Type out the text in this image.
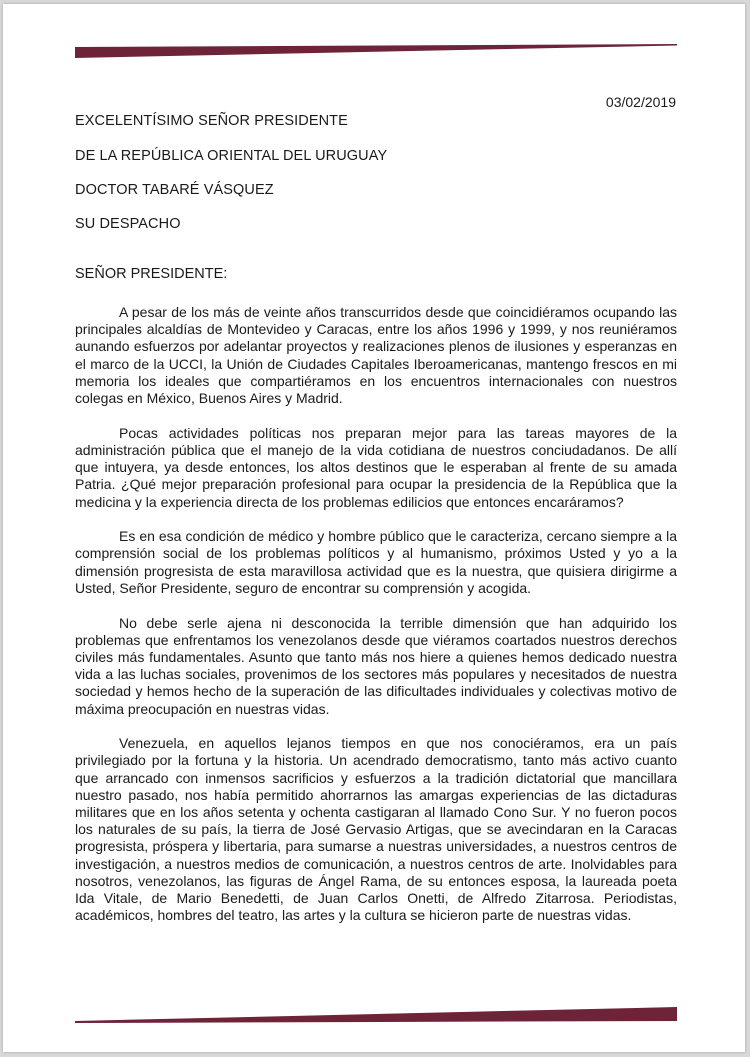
03/02/2019
EXCELENTÍSIMO SEÑOR PRESIDENTE
DE LA REPÚBLICA ORIENTAL DEL URUGUAY
DOCTOR TABARÉ VÁSQUEZ
SU DESPACHO
SEÑOR PRESIDENTE:

A pesar de los más de veinte años transcurridos desde que coincidiéramos ocupando las principales alcaldías de Montevideo y Caracas, entre los años 1996 y 1999, y nos reuniéramos aunando esfuerzos por adelantar proyectos y realizaciones plenos de ilusiones y esperanzas en el marco de la UCCI, la Unión de Ciudades Capitales Iberoamericanas, mantengo frescos en mi memoria los ideales que compartiéramos en los encuentros internacionales con nuestros colegas en México, Buenos Aires y Madrid.

Pocas actividades políticas nos preparan mejor para las tareas mayores de la administración pública que el manejo de la vida cotidiana de nuestros conciudadanos. De allí que intuyera, ya desde entonces, los altos destinos que le esperaban al frente de su amada Patria. ¿Qué mejor preparación profesional para ocupar la presidencia de la República que la medicina y la experiencia directa de los problemas edilicios que entonces encaráramos?

Es en esa condición de médico y hombre público que le caracteriza, cercano siempre a la comprensión social de los problemas políticos y al humanismo, próximos Usted y yo a la dimensión progresista de esta maravillosa actividad que es la nuestra, que quisiera dirigirme a Usted, Señor Presidente, seguro de encontrar su comprensión y acogida.

No debe serle ajena ni desconocida la terrible dimensión que han adquirido los problemas que enfrentamos los venezolanos desde que viéramos coartados nuestros derechos civiles más fundamentales. Asunto que tanto más nos hiere a quienes hemos dedicado nuestra vida a las luchas sociales, provenimos de los sectores más populares y necesitados de nuestra sociedad y hemos hecho de la superación de las dificultades individuales y colectivas motivo de máxima preocupación en nuestras vidas.

Venezuela, en aquellos lejanos tiempos en que nos conociéramos, era un país privilegiado por la fortuna y la historia. Un acendrado democratismo, tanto más activo cuanto que arrancado con inmensos sacrificios y esfuerzos a la tradición dictatorial que mancillara nuestro pasado, nos había permitido ahorrarnos las amargas experiencias de las dictaduras militares que en los años setenta y ochenta castigaran al llamado Cono Sur. Y no fueron pocos los naturales de su país, la tierra de José Gervasio Artigas, que se avecindaran en la Caracas progresista, próspera y libertaria, para sumarse a nuestras universidades, a nuestros centros de investigación, a nuestros medios de comunicación, a nuestros centros de arte. Inolvidables para nosotros, venezolanos, las figuras de Ángel Rama, de su entonces esposa, la laureada poeta Ida Vitale, de Mario Benedetti, de Juan Carlos Onetti, de Alfredo Zitarrosa. Periodistas, académicos, hombres del teatro, las artes y la cultura se hicieron parte de nuestras vidas.
